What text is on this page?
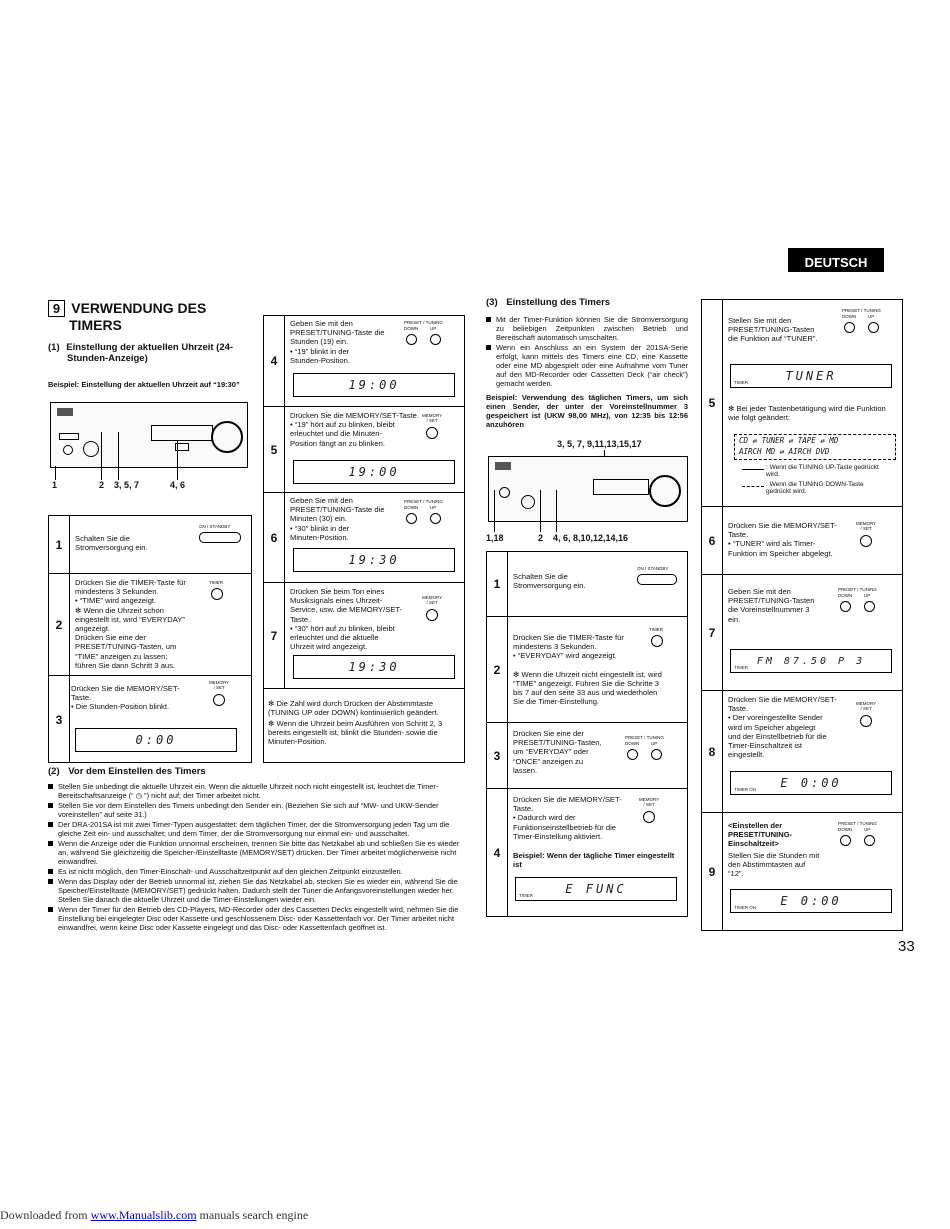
DEUTSCH
33
9 VERWENDUNG DES
TIMERS
(1) Einstellung der aktuellen Uhrzeit (24-
Stunden-Anzeige)
Beispiel: Einstellung der aktuellen Uhrzeit auf “19:30”
1	2 3, 5, 7	4, 6
1	Schalten Sie die
Stromversorgung ein.
ON / STANDBY
2
Drücken Sie die TIMER-Taste für
mindestens 3 Sekunden.
• “TIME” wird angezeigt.
✻ Wenn die Uhrzeit schon
eingestellt ist, wird “EVERYDAY”
angezeigt.
Drücken Sie eine der
PRESET/TUNING-Tasten, um
“TIME” anzeigen zu lassen;
führen Sie dann Schritt 3 aus.
TIMER
3
Drücken Sie die MEMORY/SET-
Taste.
• Die Stunden-Position blinkt.
MEMORY
/ SET
0:00
4
Geben Sie mit den
PRESET/TUNING-Taste die
Stunden (19) ein.
• “19” blinkt in der
Stunden-Position.
PRESET / TUNING
DOWN	UP
19:00
5
Drücken Sie die MEMORY/SET-Taste.
• “19” hört auf zu blinken, bleibt
erleuchtet und die Minuten-
Position fängt an zu blinken.
MEMORY
/ SET
19:00
6
Geben Sie mit den
PRESET/TUNING-Taste die
Minuten (30) ein.
• “30” blinkt in der
Minuten-Position.
PRESET / TUNING
DOWN	UP
19:30
7
Drücken Sie beim Ton eines
Musiksignals eines Uhrzeit-
Service, usw. die MEMORY/SET-
Taste.
• “30” hört auf zu blinken, bleibt
erleuchtet und die aktuelle
Uhrzeit wird angezeigt.
MEMORY
/ SET
19:30
✻ Die Zahl wird durch Drücken der Abstimmtaste (TUNING UP oder DOWN) kontinuierlich geändert.
✻ Wenn die Uhrzeit beim Ausführen von Schritt 2, 3 bereits eingestellt ist, blinkt die Stunden- sowie die Minuten-Position.
(2) Vor dem Einstellen des Timers
Stellen Sie unbedingt die aktuelle Uhrzeit ein. Wenn die aktuelle Uhrzeit noch nicht eingestellt ist, leuchtet die Timer-Bereitschaftsanzeige (“ ◷ ”) nicht auf; der Timer arbeitet nicht.
Stellen Sie vor dem Einstellen des Timers unbedingt den Sender ein. (Beziehen Sie sich auf “MW- und UKW-Sender voreinstellen” auf seite 31.)
Der DRA-201SA ist mit zwei Timer-Typen ausgestattet: dem täglichen Timer, der die Stromversorgung jeden Tag um die gleiche Zeit ein- und ausschaltet; und dem Timer, der die Stromversorgung nur einmal ein- und ausschaltet.
Wenn die Anzeige oder die Funktion unnormal erscheinen, trennen Sie bitte das Netzkabel ab und schließen Sie es wieder an, während Sie gleichzeitig die Speicher-/Einstelltaste (MEMORY/SET) drücken. Der Timer arbeitet möglicherweise nicht einwandfrei.
Es ist nicht möglich, den Timer-Einschalt- und Ausschaltzeitpunkt auf den gleichen Zeitpunkt einzustellen.
Wenn das Display oder der Betrieb unnormal ist, ziehen Sie das Netzkabel ab, stecken Sie es wieder ein, während Sie die Speicher/Einstelltaste (MEMORY/SET) gedrückt halten. Dadurch stellt der Tuner die Anfangsvoreinstellungen wieder her. Stellen Sie danach die aktuelle Uhrzeit und die Timer-Einstellungen wieder ein.
Wenn der Timer für den Betrieb des CD-Players, MD-Recorder oder des Cassetten Decks eingestellt wird, nehmen Sie die Einstellung bei eingelegter Disc oder Kassette und geschlossenem Disc- oder Kassettenfach vor. Der Timer arbeitet nicht einwandfrei, wenn keine Disc oder Kassette eingelegt und das Disc- oder Kassettenfach geöffnet ist.
(3) Einstellung des Timers
Mit der Timer-Funktion können Sie die Stromversorgung zu beliebigen Zeitpunkten zwischen Betrieb und Bereitschaft automatisch umschalten.
Wenn ein Anschluss an ein System der 201SA-Serie erfolgt, kann mittels des Timers eine CD, eine Kassette oder eine MD abgespielt oder eine Aufnahme vom Tuner auf den MD-Recorder oder Cassetten Deck (“air check”) gemacht werden.
Beispiel: Verwendung des täglichen Timers, um sich einen Sender, der unter der Voreinstellnummer 3 gespeichert ist (UKW 98,00 MHz), von 12:35 bis 12:56 anzuhören
3, 5, 7, 9,11,13,15,17
1,18	2 4, 6, 8,10,12,14,16
1
Schalten Sie die
Stromversorgung ein.
ON / STANDBY
2
Drücken Sie die TIMER-Taste für
mindestens 3 Sekunden.
• “EVERYDAY” wird angezeigt.

✻ Wenn die Uhrzeit nicht eingestellt ist, wird
“TIME” angezeigt. Führen Sie die Schritte 3
bis 7 auf den seite 33 aus und wiederholen
Sie die Timer-Einstellung.
TIMER
3
Drücken Sie eine der
PRESET/TUNING-Tasten,
um “EVERYDAY” oder
“ONCE” anzeigen zu
lassen.
PRESET / TUNING
DOWN	UP
4
Drücken Sie die MEMORY/SET-
Taste.
• Dadurch wird der
Funktionseinstellbetrieb für die
Timer-Einstellung aktiviert.
MEMORY
/ SET
Beispiel: Wenn der tägliche Timer eingestellt
ist
TIMER	E FUNC
5
Stellen Sie mit den
PRESET/TUNING-Tasten
die Funktion auf “TUNER”.
PRESET / TUNING
DOWN	UP
TIMER	TUNER
✻ Bei jeder Tastenbetätigung wird die Funktion
wie folgt geändert:
CD ⇄ TUNER ⇄ TAPE ⇄ MD
AIRCH MD ⇄ AIRCH DVD
: Wenn die TUNING UP-Taste gedrückt
wird.
: Wenn die TUNING DOWN-Taste
gedrückt wird.
6
Drücken Sie die MEMORY/SET-
Taste.
• “TUNER” wird als Timer-
Funktion im Speicher abgelegt.
MEMORY
/ SET
7
Geben Sie mit den
PRESET/TUNING-Tasten
die Voreinstellnummer 3
ein.
PRESET / TUNING
DOWN	UP
TIMER
FM 87.50 P 3
8
Drücken Sie die MEMORY/SET-
Taste.
• Der voreingestellte Sender
wird im Speicher abgelegt
und der Einstellbetrieb für die
Timer-Einschaltzeit ist
eingestellt.
MEMORY
/ SET
TIMER ON E 0:00
9
<Einstellen der
PRESET/TUNING-
Einschaltzeit>
Stellen Sie die Stunden mit
den Abstimmtasten auf
“12”.
PRESET / TUNING
DOWN	UP
TIMER ON E 0:00
Downloaded from www.Manualslib.com manuals search engine
